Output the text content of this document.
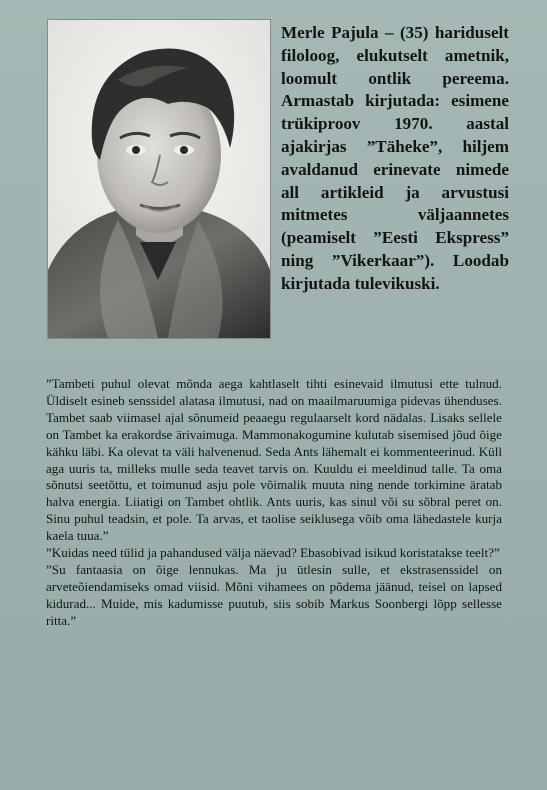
Merle Pajula – (35) hariduselt filoloog, elukutselt ametnik, loomult ontlik pereema. Armastab kirjutada: esimene trükiproov 1970. aastal ajakirjas ”Täheke”, hiljem avaldanud erinevate nimede all artikleid ja arvustusi mitmetes väljaannetes (peamiselt ”Eesti Ekspress” ning ”Vikerkaar”). Loodab kirjutada tulevikuski.

”Tambeti puhul olevat mõnda aega kahtlaselt tihti esinevaid ilmutusi ette tulnud. Üldiselt esineb senssidel alatasa ilmutusi, nad on maailmaruumiga pidevas ühenduses. Tambet saab viimasel ajal sõnumeid peaaegu regulaarselt kord nädalas. Lisaks sellele on Tambet ka erakordse ärivaimuga. Mammonakogumine kulutab sisemised jõud õige kähku läbi. Ka olevat ta väli halvenenud. Seda Ants lähemalt ei kommenteerinud. Küll aga uuris ta, milleks mulle seda teavet tarvis on. Kuuldu ei meeldinud talle. Ta oma sõnutsi seetõttu, et toimunud asju pole võimalik muuta ning nende torkimine äratab halva energia. Liiatigi on Tambet ohtlik. Ants uuris, kas sinul või su sõbral peret on. Sinu puhul teadsin, et pole. Ta arvas, et taolise seiklusega võib oma lähedastele kurja kaela tuua.”

”Kuidas need tülid ja pahandused välja näevad? Ebasobivad isikud koristatakse teelt?”

”Su fantaasia on õige lennukas. Ma ju ütlesin sulle, et ekstrasenssidel on arveteõiendamiseks omad viisid. Mõni vihamees on põdema jäänud, teisel on lapsed kidurad... Muide, mis kadumisse puutub, siis sobib Markus Soonbergi lõpp sellesse ritta.”
